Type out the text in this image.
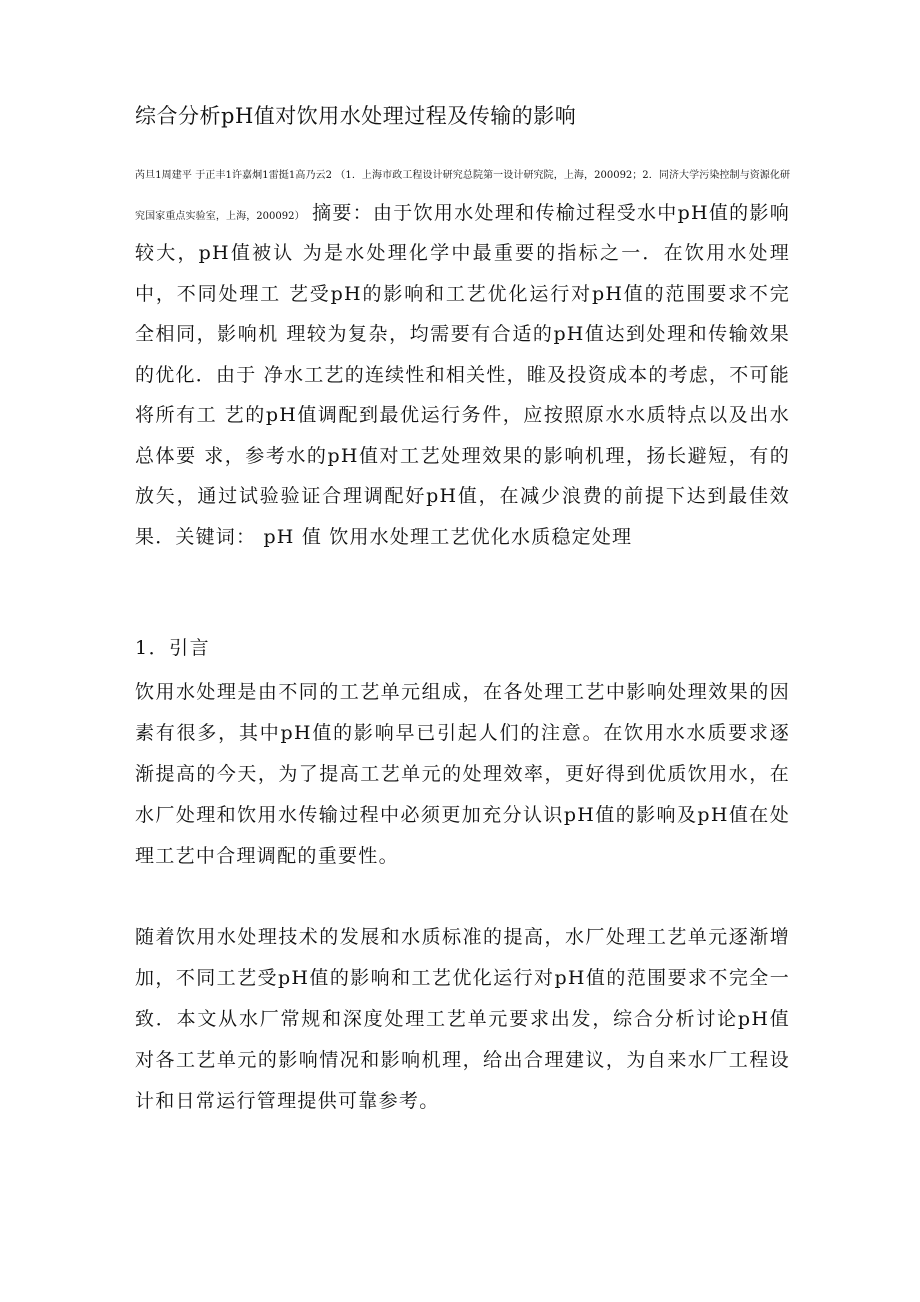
综合分析pH值对饮用水处理过程及传输的影响
芮旦1周建平 于正丰1许嘉炯1雷挺1高乃云2 （1．上海市政工程设计研究总院第一设计研究院，上海，200092；2．同济大学污染控制与资源化研究国家重点实验室，上海，200092） 摘要：由于饮用水处理和传榆过程受水中pH值的影响较大，pH值被认 为是水处理化学中最重要的指标之一．在饮用水处理中，不同处理工 艺受pH的影响和工艺优化运行对pH值的范围要求不完全相同，影响机 理较为复杂，均需要有合适的pH值达到处理和传输效果的优化．由于 净水工艺的连续性和相关性，睢及投资成本的考虑，不可能将所有工 艺的pH值调配到最优运行务件，应按照原水水质特点以及出水总体要 求，参考水的pH值对工艺处理效果的影响机理，扬长避短，有的放矢，通过试验验证合理调配好pH值，在减少浪费的前提下达到最佳效果．关键词： pH 值 饮用水处理工艺优化水质稳定处理
1．引言

饮用水处理是由不同的工艺单元组成，在各处理工艺中影响处理效果的因素有很多，其中pH值的影响早已引起人们的注意。在饮用水水质要求逐渐提高的今天，为了提高工艺单元的处理效率，更好得到优质饮用水，在水厂处理和饮用水传输过程中必须更加充分认识pH值的影响及pH值在处理工艺中合理调配的重要性。

随着饮用水处理技术的发展和水质标准的提高，水厂处理工艺单元逐渐增加，不同工艺受pH值的影响和工艺优化运行对pH值的范围要求不完全一致．本文从水厂常规和深度处理工艺单元要求出发，综合分析讨论pH值对各工艺单元的影响情况和影响机理，给出合理建议，为自来水厂工程设计和日常运行管理提供可靠参考。
